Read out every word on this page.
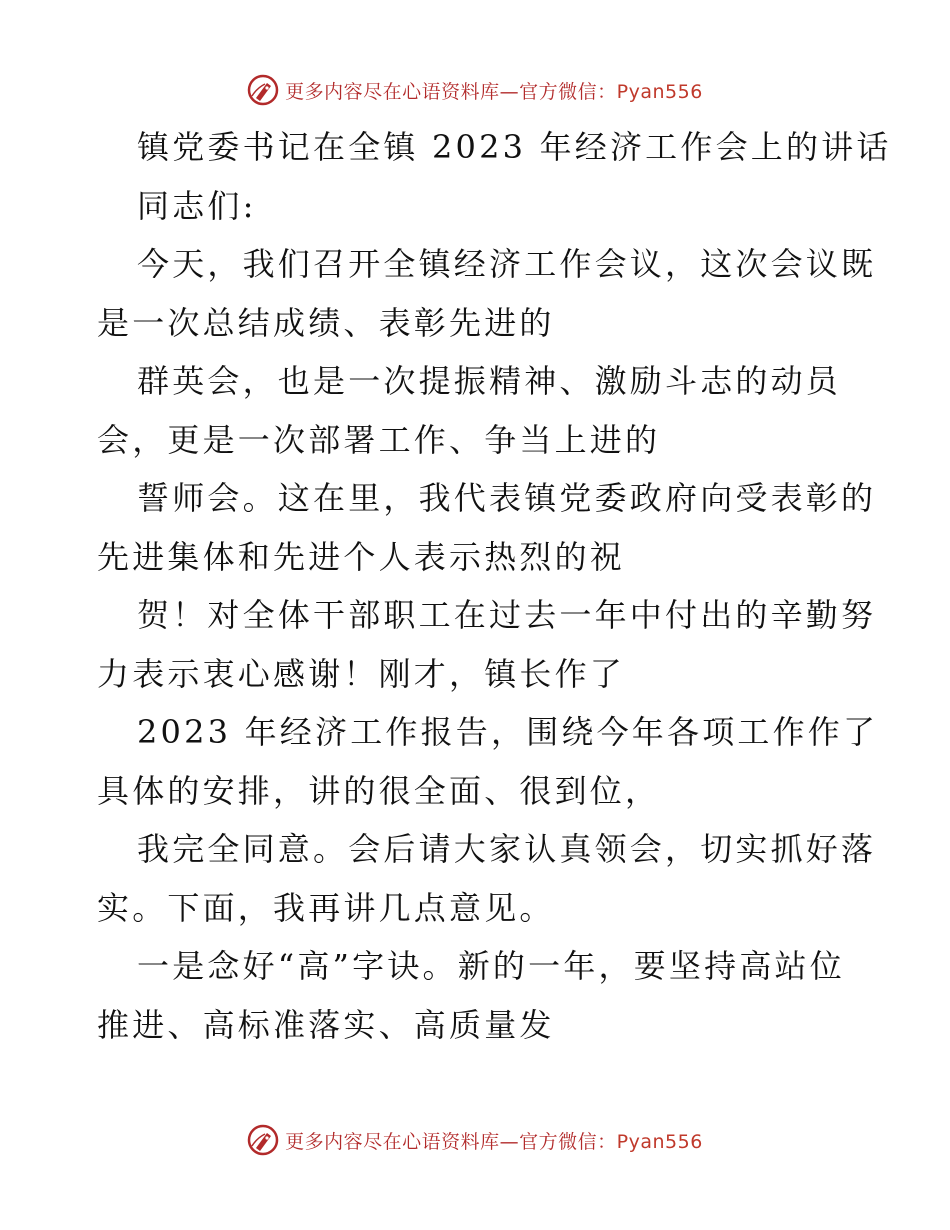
更多内容尽在心语资料库—官方微信：Pyan556
镇党委书记在全镇 2023 年经济工作会上的讲话
同志们:
今天，我们召开全镇经济工作会议，这次会议既
是一次总结成绩、表彰先进的
群英会，也是一次提振精神、激励斗志的动员
会，更是一次部署工作、争当上进的
誓师会。这在里，我代表镇党委政府向受表彰的
先进集体和先进个人表示热烈的祝
贺！对全体干部职工在过去一年中付出的辛勤努
力表示衷心感谢！刚才，镇长作了
2023 年经济工作报告，围绕今年各项工作作了
具体的安排，讲的很全面、很到位，
我完全同意。会后请大家认真领会，切实抓好落
实。下面，我再讲几点意见。
一是念好“高”字诀。新的一年，要坚持高站位
推进、高标准落实、高质量发
更多内容尽在心语资料库—官方微信：Pyan556
